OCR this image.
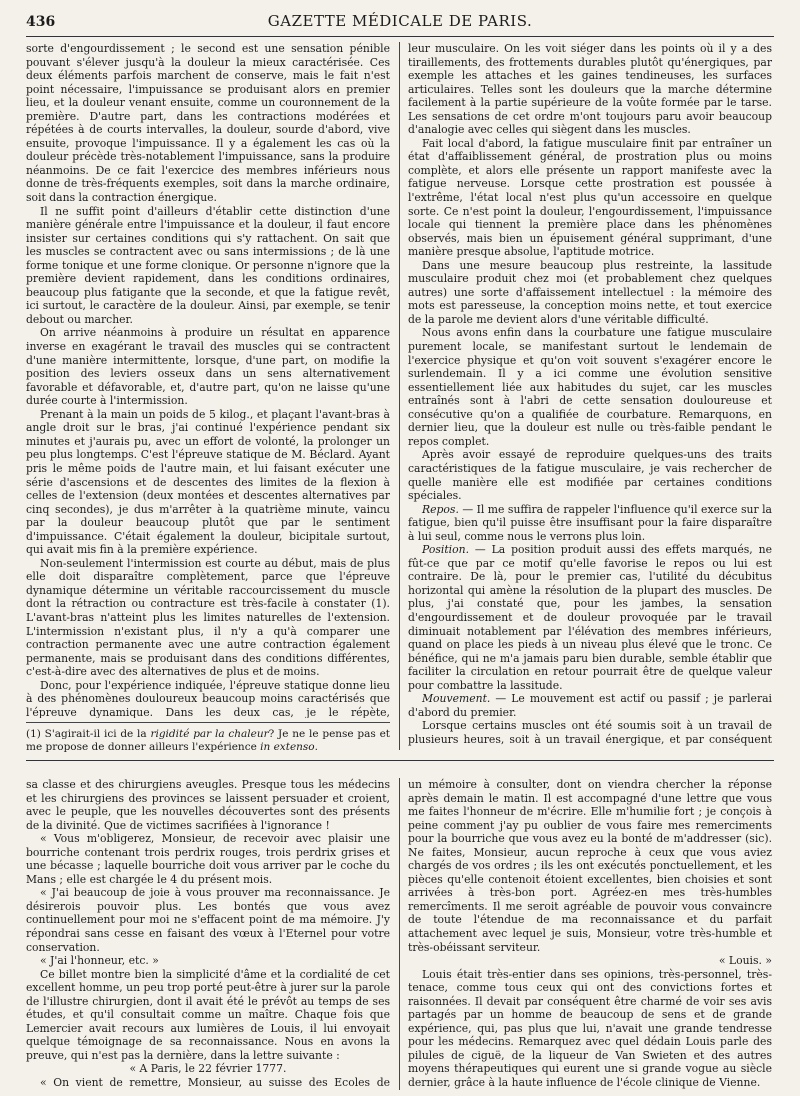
436	GAZETTE MÉDICALE DE PARIS.

sorte d'engourdissement ; le second est une sensation pénible pouvant s'élever jusqu'à la douleur la mieux caractérisée. Ces deux éléments parfois marchent de conserve, mais le fait n'est point nécessaire, l'impuissance se produisant alors en premier lieu, et la douleur venant ensuite, comme un couronnement de la première. D'autre part, dans les contractions modérées et répétées à de courts intervalles, la douleur, sourde d'abord, vive ensuite, provoque l'impuissance. Il y a également les cas où la douleur précède très-notablement l'impuissance, sans la produire néanmoins. De ce fait l'exercice des membres inférieurs nous donne de très-fréquents exemples, soit dans la marche ordinaire, soit dans la contraction énergique.

Il ne suffit point d'ailleurs d'établir cette distinction d'une manière générale entre l'impuissance et la douleur, il faut encore insister sur certaines conditions qui s'y rattachent. On sait que les muscles se contractent avec ou sans intermissions ; de là une forme tonique et une forme clonique. Or personne n'ignore que la première devient rapidement, dans les conditions ordinaires, beaucoup plus fatigante que la seconde, et que la fatigue revêt, ici surtout, le caractère de la douleur. Ainsi, par exemple, se tenir debout ou marcher.

On arrive néanmoins à produire un résultat en apparence inverse en exagérant le travail des muscles qui se contractent d'une manière intermittente, lorsque, d'une part, on modifie la position des leviers osseux dans un sens alternativement favorable et défavorable, et, d'autre part, qu'on ne laisse qu'une durée courte à l'intermission.

Prenant à la main un poids de 5 kilog., et plaçant l'avant-bras à angle droit sur le bras, j'ai continué l'expérience pendant six minutes et j'aurais pu, avec un effort de volonté, la prolonger un peu plus longtemps. C'est l'épreuve statique de M. Béclard. Ayant pris le même poids de l'autre main, et lui faisant exécuter une série d'ascensions et de descentes des limites de la flexion à celles de l'extension (deux montées et descentes alternatives par cinq secondes), je dus m'arrêter à la quatrième minute, vaincu par la douleur beaucoup plutôt que par le sentiment d'impuissance. C'était également la douleur, bicipitale surtout, qui avait mis fin à la première expérience.

Non-seulement l'intermission est courte au début, mais de plus elle doit disparaître complètement, parce que l'épreuve dynamique détermine un véritable raccourcissement du muscle dont la rétraction ou contracture est très-facile à constater (1). L'avant-bras n'atteint plus les limites naturelles de l'extension. L'intermission n'existant plus, il n'y a qu'à comparer une contraction permanente avec une autre contraction également permanente, mais se produisant dans des conditions différentes, c'est-à-dire avec des alternatives de plus et de moins.

Donc, pour l'expérience indiquée, l'épreuve statique donne lieu à des phénomènes douloureux beaucoup moins caractérisés que l'épreuve dynamique. Dans les deux cas, je le répète,

(1) S'agirait-il ici de la rigidité par la chaleur? Je ne le pense pas et me propose de donner ailleurs l'expérience in extenso.

leur musculaire. On les voit siéger dans les points où il y a des tiraillements, des frottements durables plutôt qu'énergiques, par exemple les attaches et les gaines tendineuses, les surfaces articulaires. Telles sont les douleurs que la marche détermine facilement à la partie supérieure de la voûte formée par le tarse. Les sensations de cet ordre m'ont toujours paru avoir beaucoup d'analogie avec celles qui siègent dans les muscles.

Fait local d'abord, la fatigue musculaire finit par entraîner un état d'affaiblissement général, de prostration plus ou moins complète, et alors elle présente un rapport manifeste avec la fatigue nerveuse. Lorsque cette prostration est poussée à l'extrême, l'état local n'est plus qu'un accessoire en quelque sorte. Ce n'est point la douleur, l'engourdissement, l'impuissance locale qui tiennent la première place dans les phénomènes observés, mais bien un épuisement général supprimant, d'une manière presque absolue, l'aptitude motrice.

Dans une mesure beaucoup plus restreinte, la lassitude musculaire produit chez moi (et probablement chez quelques autres) une sorte d'affaissement intellectuel : la mémoire des mots est paresseuse, la conception moins nette, et tout exercice de la parole me devient alors d'une véritable difficulté.

Nous avons enfin dans la courbature une fatigue musculaire purement locale, se manifestant surtout le lendemain de l'exercice physique et qu'on voit souvent s'exagérer encore le surlendemain. Il y a ici comme une évolution sensitive essentiellement liée aux habitudes du sujet, car les muscles entraînés sont à l'abri de cette sensation douloureuse et consécutive qu'on a qualifiée de courbature. Remarquons, en dernier lieu, que la douleur est nulle ou très-faible pendant le repos complet.

Après avoir essayé de reproduire quelques-uns des traits caractéristiques de la fatigue musculaire, je vais rechercher de quelle manière elle est modifiée par certaines conditions spéciales.

Repos. — Il me suffira de rappeler l'influence qu'il exerce sur la fatigue, bien qu'il puisse être insuffisant pour la faire disparaître à lui seul, comme nous le verrons plus loin.

Position. — La position produit aussi des effets marqués, ne fût-ce que par ce motif qu'elle favorise le repos ou lui est contraire. De là, pour le premier cas, l'utilité du décubitus horizontal qui amène la résolution de la plupart des muscles. De plus, j'ai constaté que, pour les jambes, la sensation d'engourdissement et de douleur provoquée par le travail diminuait notablement par l'élévation des membres inférieurs, quand on place les pieds à un niveau plus élevé que le tronc. Ce bénéfice, qui ne m'a jamais paru bien durable, semble établir que faciliter la circulation en retour pourrait être de quelque valeur pour combattre la lassitude.

Mouvement. — Le mouvement est actif ou passif ; je parlerai d'abord du premier.

Lorsque certains muscles ont été soumis soit à un travail de plusieurs heures, soit à un travail énergique, et par conséquent

sa classe et des chirurgiens aveugles. Presque tous les médecins et les chirurgiens des provinces se laissent persuader et croient, avec le peuple, que les nouvelles découvertes sont des présents de la divinité. Que de victimes sacrifiées à l'ignorance !

« Vous m'obligerez, Monsieur, de recevoir avec plaisir une bourriche contenant trois perdrix rouges, trois perdrix grises et une bécasse ; laquelle bourriche doit vous arriver par le coche du Mans ; elle est chargée le 4 du présent mois.

« J'ai beaucoup de joie à vous prouver ma reconnaissance. Je désirerois pouvoir plus. Les bontés que vous avez continuellement pour moi ne s'effacent point de ma mémoire. J'y répondrai sans cesse en faisant des vœux à l'Eternel pour votre conservation.

« J'ai l'honneur, etc. »

Ce billet montre bien la simplicité d'âme et la cordialité de cet excellent homme, un peu trop porté peut-être à jurer sur la parole de l'illustre chirurgien, dont il avait été le prévôt au temps de ses études, et qu'il consultait comme un maître. Chaque fois que Lemercier avait recours aux lumières de Louis, il lui envoyait quelque témoignage de sa reconnaissance. Nous en avons la preuve, qui n'est pas la dernière, dans la lettre suivante :

« A Paris, le 22 février 1777.

« On vient de remettre, Monsieur, au suisse des Ecoles de

un mémoire à consulter, dont on viendra chercher la réponse après demain le matin. Il est accompagné d'une lettre que vous me faites l'honneur de m'écrire. Elle m'humilie fort ; je conçois à peine comment j'ay pu oublier de vous faire mes remerciments pour la bourriche que vous avez eu la bonté de m'addresser (sic). Ne faites, Monsieur, aucun reproche à ceux que vous aviez chargés de vos ordres ; ils les ont exécutés ponctuellement, et les pièces qu'elle contenoit étoient excellentes, bien choisies et sont arrivées à très-bon port. Agréez-en mes très-humbles remercîments. Il me seroit agréable de pouvoir vous convaincre de toute l'étendue de ma reconnaissance et du parfait attachement avec lequel je suis, Monsieur, votre très-humble et très-obéissant serviteur.

« Louis. »

Louis était très-entier dans ses opinions, très-personnel, très-tenace, comme tous ceux qui ont des convictions fortes et raisonnées. Il devait par conséquent être charmé de voir ses avis partagés par un homme de beaucoup de sens et de grande expérience, qui, pas plus que lui, n'avait une grande tendresse pour les médecins. Remarquez avec quel dédain Louis parle des pilules de ciguë, de la liqueur de Van Swieten et des autres moyens thérapeutiques qui eurent une si grande vogue au siècle dernier, grâce à la haute influence de l'école clinique de Vienne.
